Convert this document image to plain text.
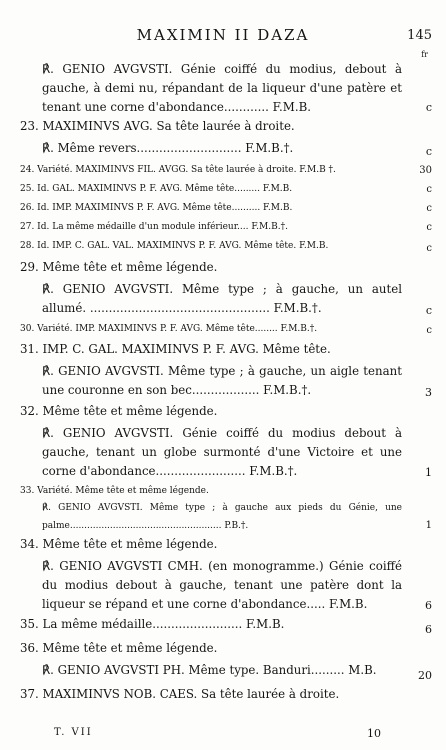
MAXIMIN II DAZA	145
fr
℟. GENIO AVGVSTI. Génie coiffé du modius, debout à gauche, à demi nu, répandant de la liqueur d'une patère et tenant une corne d'abondance............ F.M.B.	c
23. MAXIMINVS AVG. Sa tête laurée à droite.
℟. Même revers............................ F.M.B.†.	c
24. Variété. MAXIMINVS FIL. AVGG. Sa tête laurée à droite. F.M.B †.	30
25. Id. GAL. MAXIMINVS P. F. AVG. Même tête......... F.M.B.	c
26. Id. IMP. MAXIMINVS P. F. AVG. Même tête.......... F.M.B.	c
27. Id. La même médaille d'un module inférieur.... F.M.B.†.	c
28. Id. IMP. C. GAL. VAL. MAXIMINVS P. F. AVG. Même tête. F.M.B.	c
29. Même tête et même légende.
℟. GENIO AVGVSTI. Même type ; à gauche, un autel allumé. ................................................ F.M.B.†.	c
30. Variété. IMP. MAXIMINVS P. F. AVG. Même tête........ F.M.B.†.	c
31. IMP. C. GAL. MAXIMINVS P. F. AVG. Même tête.
℟. GENIO AVGVSTI. Même type ; à gauche, un aigle tenant une couronne en son bec.................. F.M.B.†.	3
32. Même tête et même légende.
℟. GENIO AVGVSTI. Génie coiffé du modius debout à gauche, tenant un globe surmonté d'une Victoire et une corne d'abondance........................ F.M.B.†.	1
33. Variété. Même tête et même légende.
℟. GENIO AVGVSTI. Même type ; à gauche aux pieds du Génie, une palme..................................................... P.B.†.	1
34. Même tête et même légende.
℟. GENIO AVGVSTI CMH. (en monogramme.) Génie coiffé du modius debout à gauche, tenant une patère dont la liqueur se répand et une corne d'abondance..... F.M.B.	6
35. La même médaille........................ F.M.B.	6
36. Même tête et même légende.
℟. GENIO AVGVSTI PH. Même type. Banduri......... M.B.	20
37. MAXIMINVS NOB. CAES. Sa tête laurée à droite.
T. VII	10
